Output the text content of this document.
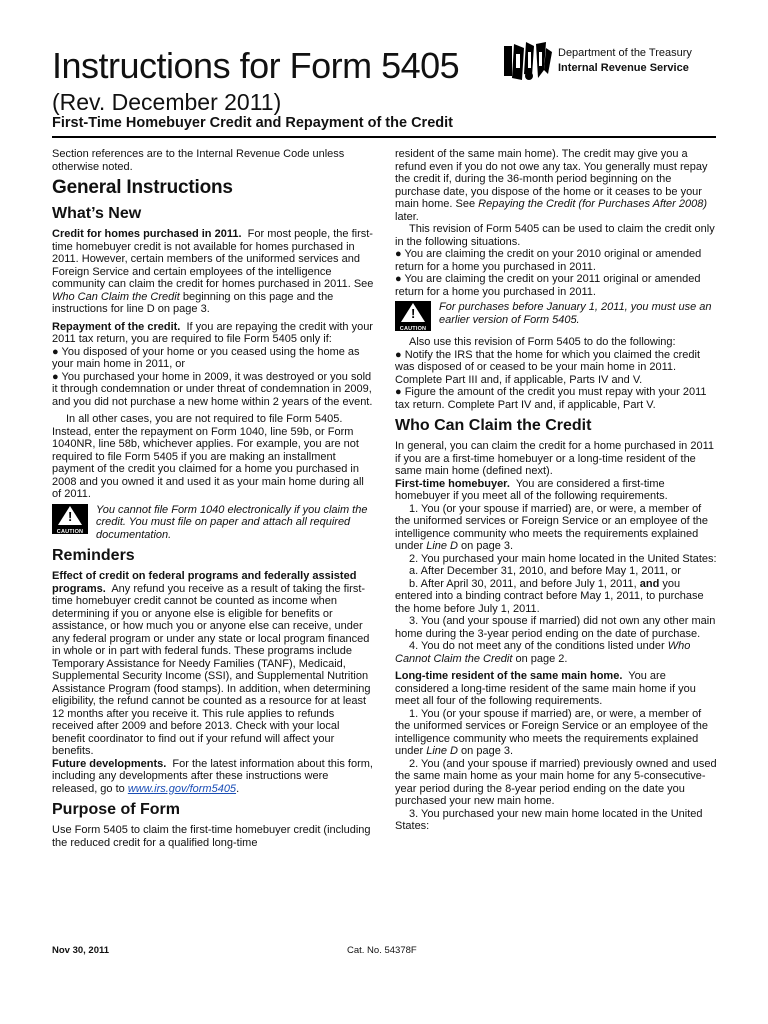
Instructions for Form 5405
(Rev. December 2011)
First-Time Homebuyer Credit and Repayment of the Credit
Department of the Treasury
Internal Revenue Service

Section references are to the Internal Revenue Code unless otherwise noted.

General Instructions
What’s New

Credit for homes purchased in 2011. For most people, the first-time homebuyer credit is not available for homes purchased in 2011. However, certain members of the uniformed services and Foreign Service and certain employees of the intelligence community can claim the credit for homes purchased in 2011. See Who Can Claim the Credit beginning on this page and the instructions for line D on page 3.

Repayment of the credit. If you are repaying the credit with your 2011 tax return, you are required to file Form 5405 only if:

● You disposed of your home or you ceased using the home as your main home in 2011, or

● You purchased your home in 2009, it was destroyed or you sold it through condemnation or under threat of condemnation in 2009, and you did not purchase a new home within 2 years of the event.

In all other cases, you are not required to file Form 5405. Instead, enter the repayment on Form 1040, line 59b, or Form 1040NR, line 58b, whichever applies. For example, you are not required to file Form 5405 if you are making an installment payment of the credit you claimed for a home you purchased in 2008 and you owned it and used it as your main home during all of 2011.

!
CAUTION
You cannot file Form 1040 electronically if you claim the credit. You must file on paper and attach all required documentation.
Reminders

Effect of credit on federal programs and federally assisted programs. Any refund you receive as a result of taking the first-time homebuyer credit cannot be counted as income when determining if you or anyone else is eligible for benefits or assistance, or how much you or anyone else can receive, under any federal program or under any state or local program financed in whole or in part with federal funds. These programs include Temporary Assistance for Needy Families (TANF), Medicaid, Supplemental Security Income (SSI), and Supplemental Nutrition Assistance Program (food stamps). In addition, when determining eligibility, the refund cannot be counted as a resource for at least 12 months after you receive it. This rule applies to refunds received after 2009 and before 2013. Check with your local benefit coordinator to find out if your refund will affect your benefits.

Future developments. For the latest information about this form, including any developments after these instructions were released, go to www.irs.gov/form5405.

Purpose of Form

Use Form 5405 to claim the first-time homebuyer credit (including the reduced credit for a qualified long-time

resident of the same main home). The credit may give you a refund even if you do not owe any tax. You generally must repay the credit if, during the 36-month period beginning on the purchase date, you dispose of the home or it ceases to be your main home. See Repaying the Credit (for Purchases After 2008) later.

This revision of Form 5405 can be used to claim the credit only in the following situations.

● You are claiming the credit on your 2010 original or amended return for a home you purchased in 2011.

● You are claiming the credit on your 2011 original or amended return for a home you purchased in 2011.

!
CAUTION
For purchases before January 1, 2011, you must use an earlier version of Form 5405.

Also use this revision of Form 5405 to do the following:

● Notify the IRS that the home for which you claimed the credit was disposed of or ceased to be your main home in 2011. Complete Part III and, if applicable, Parts IV and V.

● Figure the amount of the credit you must repay with your 2011 tax return. Complete Part IV and, if applicable, Part V.

Who Can Claim the Credit

In general, you can claim the credit for a home purchased in 2011 if you are a first-time homebuyer or a long-time resident of the same main home (defined next).

First-time homebuyer. You are considered a first-time homebuyer if you meet all of the following requirements.

1. You (or your spouse if married) are, or were, a member of the uniformed services or Foreign Service or an employee of the intelligence community who meets the requirements explained under Line D on page 3.

2. You purchased your main home located in the United States:

a. After December 31, 2010, and before May 1, 2011, or

b. After April 30, 2011, and before July 1, 2011, and you entered into a binding contract before May 1, 2011, to purchase the home before July 1, 2011.

3. You (and your spouse if married) did not own any other main home during the 3-year period ending on the date of purchase.

4. You do not meet any of the conditions listed under Who Cannot Claim the Credit on page 2.

Long-time resident of the same main home. You are considered a long-time resident of the same main home if you meet all four of the following requirements.

1. You (or your spouse if married) are, or were, a member of the uniformed services or Foreign Service or an employee of the intelligence community who meets the requirements explained under Line D on page 3.

2. You (and your spouse if married) previously owned and used the same main home as your main home for any 5-consecutive-year period during the 8-year period ending on the date you purchased your new main home.

3. You purchased your new main home located in the United States:

Nov 30, 2011	Cat. No. 54378F
